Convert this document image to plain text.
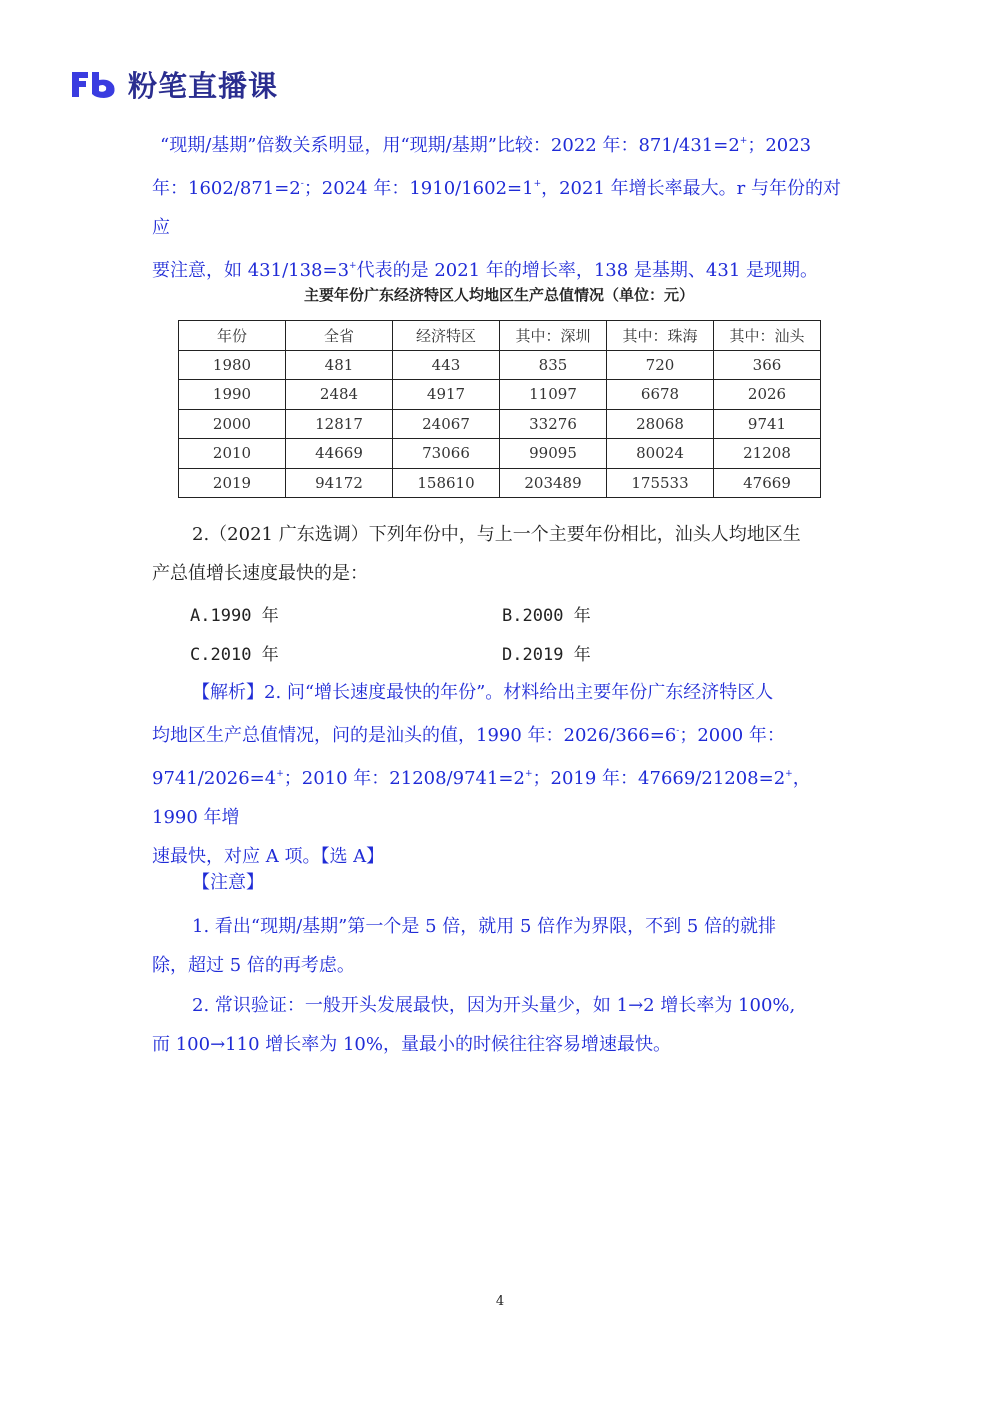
粉笔直播课
“现期/基期”倍数关系明显，用“现期/基期”比较：2022 年：871/431=2+；2023
年：1602/871=2-；2024 年：1910/1602=1+，2021 年增长率最大。r 与年份的对应
要注意，如 431/138=3+代表的是 2021 年的增长率，138 是基期、431 是现期。
主要年份广东经济特区人均地区生产总值情况（单位：元）
年份	全省	经济特区	其中：深圳	其中：珠海	其中：汕头
1980	481	443	835	720	366
1990	2484	4917	11097	6678	2026
2000	12817	24067	33276	28068	9741
2010	44669	73066	99095	80024	21208
2019	94172	158610	203489	175533	47669
2.（2021 广东选调）下列年份中，与上一个主要年份相比，汕头人均地区生
产总值增长速度最快的是：
A.1990 年	B.2000 年
C.2010 年	D.2019 年
【解析】2. 问“增长速度最快的年份”。材料给出主要年份广东经济特区人
均地区生产总值情况，问的是汕头的值，1990 年：2026/366=6-；2000 年：
9741/2026=4+；2010 年：21208/9741=2+；2019 年：47669/21208=2+，1990 年增
速最快，对应 A 项。【选 A】
【注意】
1. 看出“现期/基期”第一个是 5 倍，就用 5 倍作为界限，不到 5 倍的就排
除，超过 5 倍的再考虑。
2. 常识验证：一般开头发展最快，因为开头量少，如 1→2 增长率为 100%,
而 100→110 增长率为 10%，量最小的时候往往容易增速最快。
4
